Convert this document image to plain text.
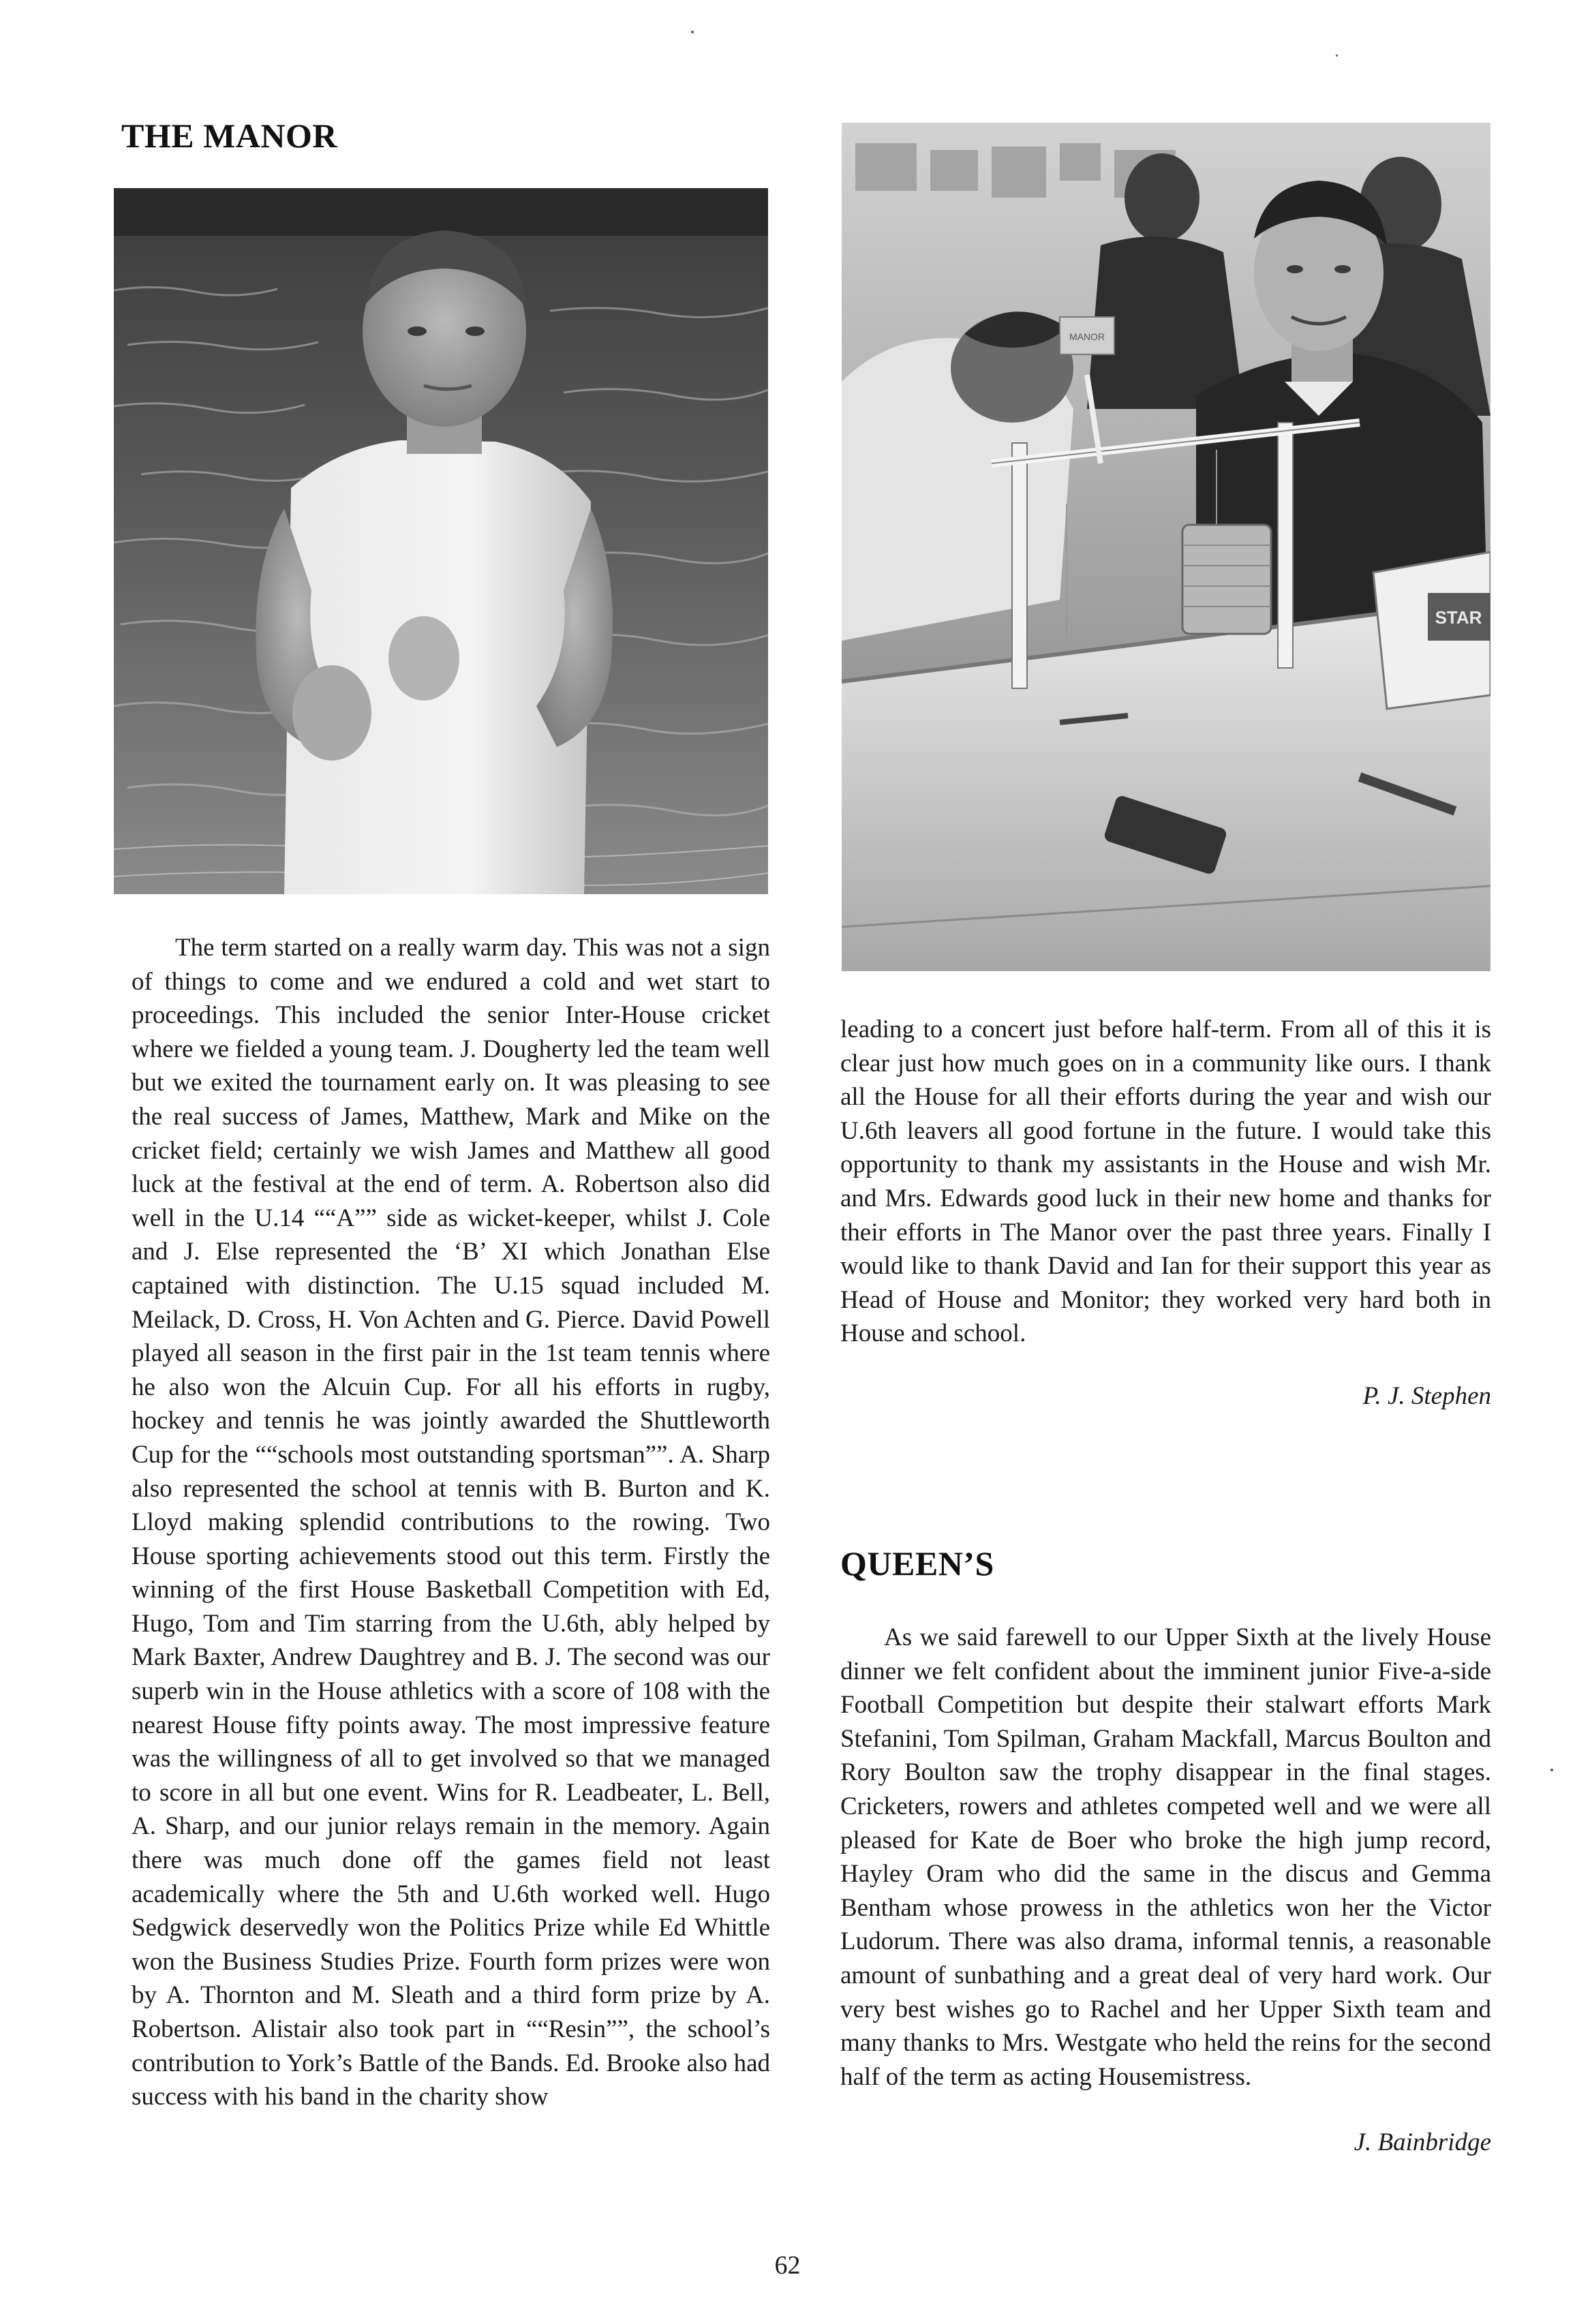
THE MANOR

The term started on a really warm day. This was not a sign of things to come and we endured a cold and wet start to proceedings. This included the senior Inter-House cricket where we fielded a young team. J. Dougherty led the team well but we exited the tournament early on. It was pleasing to see the real success of James, Matthew, Mark and Mike on the cricket field; certainly we wish James and Matthew all good luck at the festival at the end of term. A. Robertson also did well in the U.14 ““A”” side as wicket-keeper, whilst J. Cole and J. Else represented the ‘B’ XI which Jonathan Else captained with distinction. The U.15 squad included M. Meilack, D. Cross, H. Von Achten and G. Pierce. David Powell played all season in the first pair in the 1st team tennis where he also won the Alcuin Cup. For all his efforts in rugby, hockey and tennis he was jointly awarded the Shuttleworth Cup for the ““schools most outstanding sportsman””. A. Sharp also represented the school at tennis with B. Burton and K. Lloyd making splendid contributions to the rowing. Two House sporting achievements stood out this term. Firstly the winning of the first House Basketball Competition with Ed, Hugo, Tom and Tim starring from the U.6th, ably helped by Mark Baxter, Andrew Daughtrey and B. J. The second was our superb win in the House athletics with a score of 108 with the nearest House fifty points away. The most impressive feature was the willingness of all to get involved so that we managed to score in all but one event. Wins for R. Leadbeater, L. Bell, A. Sharp, and our junior relays remain in the memory. Again there was much done off the games field not least academically where the 5th and U.6th worked well. Hugo Sedgwick deservedly won the Politics Prize while Ed Whittle won the Business Studies Prize. Fourth form prizes were won by A. Thornton and M. Sleath and a third form prize by A. Robertson. Alistair also took part in ““Resin””, the school’s contribution to York’s Battle of the Bands. Ed. Brooke also had success with his band in the charity show

MANOR
STAR

leading to a concert just before half-term. From all of this it is clear just how much goes on in a community like ours. I thank all the House for all their efforts during the year and wish our U.6th leavers all good fortune in the future. I would take this opportunity to thank my assistants in the House and wish Mr. and Mrs. Edwards good luck in their new home and thanks for their efforts in The Manor over the past three years. Finally I would like to thank David and Ian for their support this year as Head of House and Monitor; they worked very hard both in House and school.

P. J. Stephen

QUEEN’S

As we said farewell to our Upper Sixth at the lively House dinner we felt confident about the imminent junior Five-a-side Football Competition but despite their stalwart efforts Mark Stefanini, Tom Spilman, Graham Mackfall, Marcus Boulton and Rory Boulton saw the trophy disappear in the final stages. Cricketers, rowers and athletes competed well and we were all pleased for Kate de Boer who broke the high jump record, Hayley Oram who did the same in the discus and Gemma Bentham whose prowess in the athletics won her the Victor Ludorum. There was also drama, informal tennis, a reasonable amount of sunbathing and a great deal of very hard work. Our very best wishes go to Rachel and her Upper Sixth team and many thanks to Mrs. Westgate who held the reins for the second half of the term as acting Housemistress.

J. Bainbridge

62
